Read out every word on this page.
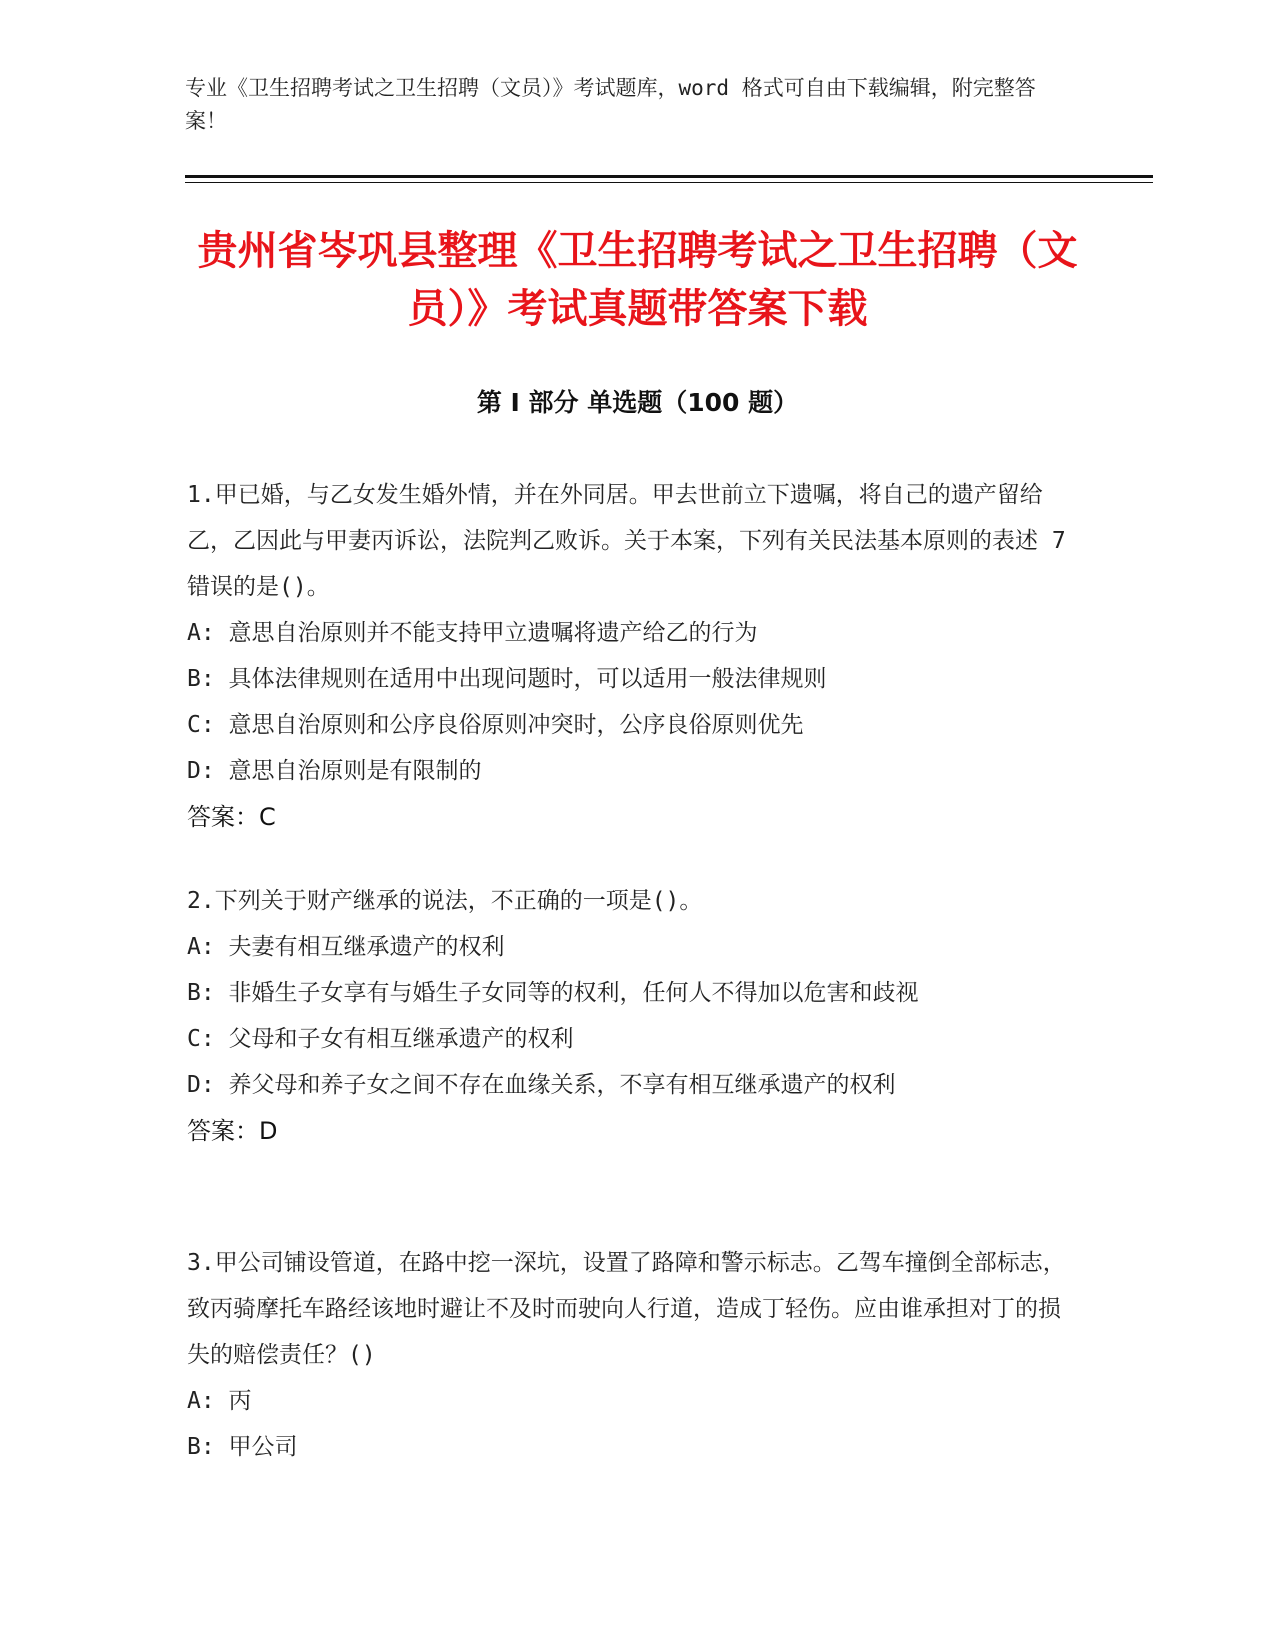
专业《卫生招聘考试之卫生招聘（文员）》考试题库，word 格式可自由下载编辑，附完整答案！
贵州省岑巩县整理《卫生招聘考试之卫生招聘（文员）》考试真题带答案下载
第 I 部分 单选题（100 题）
1.甲已婚，与乙女发生婚外情，并在外同居。甲去世前立下遗嘱，将自己的遗产留给乙，乙因此与甲妻丙诉讼，法院判乙败诉。关于本案，下列有关民法基本原则的表述 7 错误的是()。
A: 意思自治原则并不能支持甲立遗嘱将遗产给乙的行为
B: 具体法律规则在适用中出现问题时，可以适用一般法律规则
C: 意思自治原则和公序良俗原则冲突时，公序良俗原则优先
D: 意思自治原则是有限制的
答案：C
2.下列关于财产继承的说法，不正确的一项是()。
A: 夫妻有相互继承遗产的权利
B: 非婚生子女享有与婚生子女同等的权利，任何人不得加以危害和歧视
C: 父母和子女有相互继承遗产的权利
D: 养父母和养子女之间不存在血缘关系，不享有相互继承遗产的权利
答案：D
3.甲公司铺设管道，在路中挖一深坑，设置了路障和警示标志。乙驾车撞倒全部标志，致丙骑摩托车路经该地时避让不及时而驶向人行道，造成丁轻伤。应由谁承担对丁的损失的赔偿责任？()
A: 丙
B: 甲公司
